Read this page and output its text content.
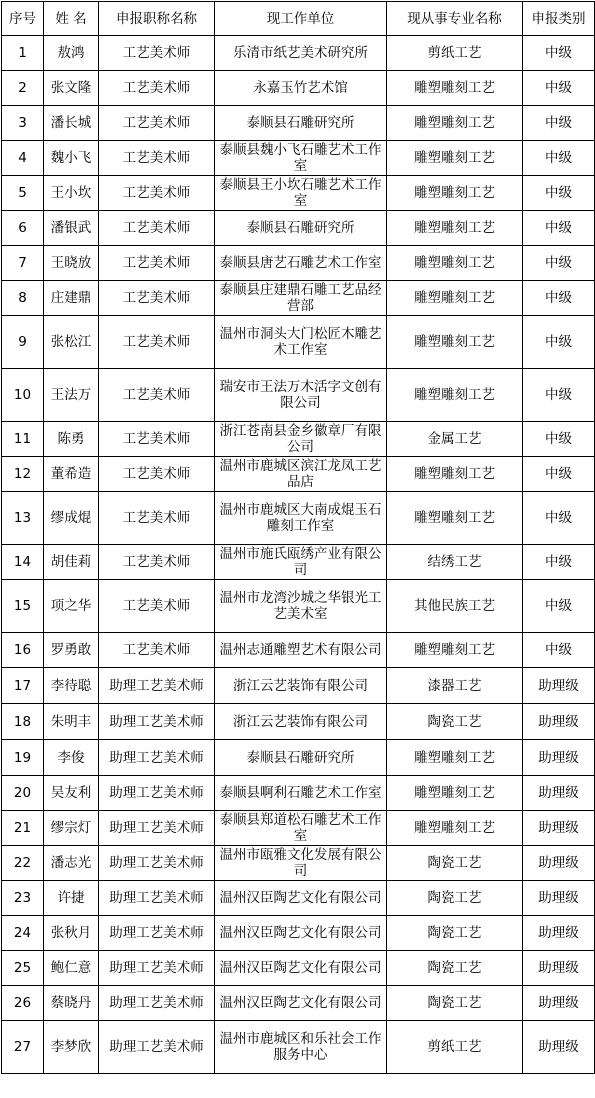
序号	姓 名	申报职称名称	现工作单位	现从事专业名称	申报类别
1	敖鸿	工艺美术师	乐清市纸艺美术研究所	剪纸工艺	中级
2	张文隆	工艺美术师	永嘉玉竹艺术馆	雕塑雕刻工艺	中级
3	潘长城	工艺美术师	泰顺县石雕研究所	雕塑雕刻工艺	中级
4	魏小飞	工艺美术师	泰顺县魏小飞石雕艺术工作室	雕塑雕刻工艺	中级
5	王小坎	工艺美术师	泰顺县王小坎石雕艺术工作室	雕塑雕刻工艺	中级
6	潘银武	工艺美术师	泰顺县石雕研究所	雕塑雕刻工艺	中级
7	王晓放	工艺美术师	泰顺县唐艺石雕艺术工作室	雕塑雕刻工艺	中级
8	庄建鼎	工艺美术师	泰顺县庄建鼎石雕工艺品经营部	雕塑雕刻工艺	中级
9	张松江	工艺美术师	温州市洞头大门松匠木雕艺术工作室	雕塑雕刻工艺	中级
10	王法万	工艺美术师	瑞安市王法万木活字文创有限公司	雕塑雕刻工艺	中级
11	陈勇	工艺美术师	浙江苍南县金乡徽章厂有限公司	金属工艺	中级
12	董希造	工艺美术师	温州市鹿城区滨江龙凤工艺品店	雕塑雕刻工艺	中级
13	缪成焜	工艺美术师	温州市鹿城区大南成焜玉石雕刻工作室	雕塑雕刻工艺	中级
14	胡佳莉	工艺美术师	温州市施氏瓯绣产业有限公司	结绣工艺	中级
15	项之华	工艺美术师	温州市龙湾沙城之华银光工艺美术室	其他民族工艺	中级
16	罗勇敢	工艺美术师	温州志通雕塑艺术有限公司	雕塑雕刻工艺	中级
17	李待聪	助理工艺美术师	浙江云艺装饰有限公司	漆器工艺	助理级
18	朱明丰	助理工艺美术师	浙江云艺装饰有限公司	陶瓷工艺	助理级
19	李俊	助理工艺美术师	泰顺县石雕研究所	雕塑雕刻工艺	助理级
20	吴友利	助理工艺美术师	泰顺县啊利石雕艺术工作室	雕塑雕刻工艺	助理级
21	缪宗灯	助理工艺美术师	泰顺县郑道松石雕艺术工作室	雕塑雕刻工艺	助理级
22	潘志光	助理工艺美术师	温州市瓯雅文化发展有限公司	陶瓷工艺	助理级
23	许捷	助理工艺美术师	温州汉臣陶艺文化有限公司	陶瓷工艺	助理级
24	张秋月	助理工艺美术师	温州汉臣陶艺文化有限公司	陶瓷工艺	助理级
25	鲍仁意	助理工艺美术师	温州汉臣陶艺文化有限公司	陶瓷工艺	助理级
26	蔡晓丹	助理工艺美术师	温州汉臣陶艺文化有限公司	陶瓷工艺	助理级
27	李梦欣	助理工艺美术师	温州市鹿城区和乐社会工作服务中心	剪纸工艺	助理级
